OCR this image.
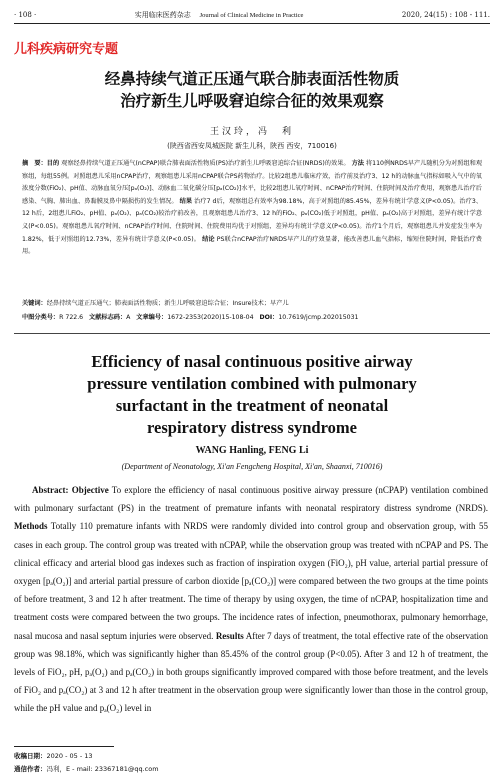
· 108 ·	实用临床医药杂志 Journal of Clinical Medicine in Practice	2020, 24(15) : 108 - 111.
儿科疾病研究专题
经鼻持续气道正压通气联合肺表面活性物质
治疗新生儿呼吸窘迫综合征的效果观察
王汉玲，冯　利
(陕西省西安凤城医院 新生儿科，陕西 西安，710016)
摘　要：目的 观察经鼻持续气道正压通气(nCPAP)联合肺表面活性物质(PS)治疗新生儿呼吸窘迫综合征(NRDS)的效果。 方法 将110例NRDS早产儿随机分为对照组和观察组，每组55例。对照组患儿采用nCPAP治疗，观察组患儿采用nCPAP联合PS药物治疗。比较2组患儿临床疗效，治疗前及治疗3、12 h的动脉血气指标如吸入气中的氧浓度分数(FiO₂)、pH值、动脉血氧分压[pₐ(O₂)]、动脉血二氧化碳分压[pₐ(CO₂)]水平，比较2组患儿氧疗时间、nCPAP治疗时间、住院时间及治疗费用，观察患儿治疗后感染、气胸、肺出血、鼻黏膜及鼻中隔损伤的发生情况。 结果 治疗7 d后，观察组总有效率为98.18%，高于对照组的85.45%，差异有统计学意义(P<0.05)。治疗3、12 h后，2组患儿FiO₂、pH值、pₐ(O₂)、pₐ(CO₂)较治疗前改善，且观察组患儿治疗3、12 h的FiO₂、pₐ(CO₂)低于对照组，pH值、pₐ(O₂)高于对照组，差异有统计学意义(P<0.05)。观察组患儿氧疗时间、nCPAP治疗时间、住院时间、住院费用均优于对照组，差异均有统计学意义(P<0.05)。治疗1个月后，观察组患儿并发症发生率为1.82%，低于对照组的12.73%，差异有统计学意义(P<0.05)。 结论 PS联合nCPAP治疗NRDS早产儿的疗效显著，能改善患儿血气指标，缩短住院时间，降低治疗费用。
关键词：经鼻持续气道正压通气；肺表面活性物质；新生儿呼吸窘迫综合征；Insure技术；早产儿
中图分类号：R 722.6 文献标志码：A 文章编号：1672-2353(2020)15-108-04 DOI：10.7619/jcmp.202015031
Efficiency of nasal continuous positive airway
pressure ventilation combined with pulmonary
surfactant in the treatment of neonatal
respiratory distress syndrome
WANG Hanling, FENG Li
(Department of Neonatology, Xi'an Fengcheng Hospital, Xi'an, Shaanxi, 710016)
Abstract: Objective To explore the efficiency of nasal continuous positive airway pressure (nCPAP) ventilation combined with pulmonary surfactant (PS) in the treatment of premature infants with neonatal respiratory distress syndrome (NRDS). Methods Totally 110 premature infants with NRDS were randomly divided into control group and observation group, with 55 cases in each group. The control group was treated with nCPAP, while the observation group was treated with nCPAP and PS. The clinical efficacy and arterial blood gas indexes such as fraction of inspiration oxygen (FiO₂), pH value, arterial partial pressure of oxygen [pₐ(O₂)] and arterial partial pressure of carbon dioxide [pₐ(CO₂)] were compared between the two groups at the time points of before treatment, 3 and 12 h after treatment. The time of therapy by using oxygen, the time of nCPAP, hospitalization time and treatment costs were compared between the two groups. The incidence rates of infection, pneumothorax, pulmonary hemorrhage, nasal mucosa and nasal septum injuries were observed. Results After 7 days of treatment, the total effective rate of the observation group was 98.18%, which was significantly higher than 85.45% of the control group (P<0.05). After 3 and 12 h of treatment, the levels of FiO₂, pH, pₐ(O₂) and pₐ(CO₂) in both groups significantly improved compared with those before treatment, and the levels of FiO₂ and pₐ(CO₂) at 3 and 12 h after treatment in the observation group were significantly lower than those in the control group, while the pH value and pₐ(O₂) level in
收稿日期：2020 - 05 - 13
通信作者：冯利，E - mail: 23367181@qq.com
